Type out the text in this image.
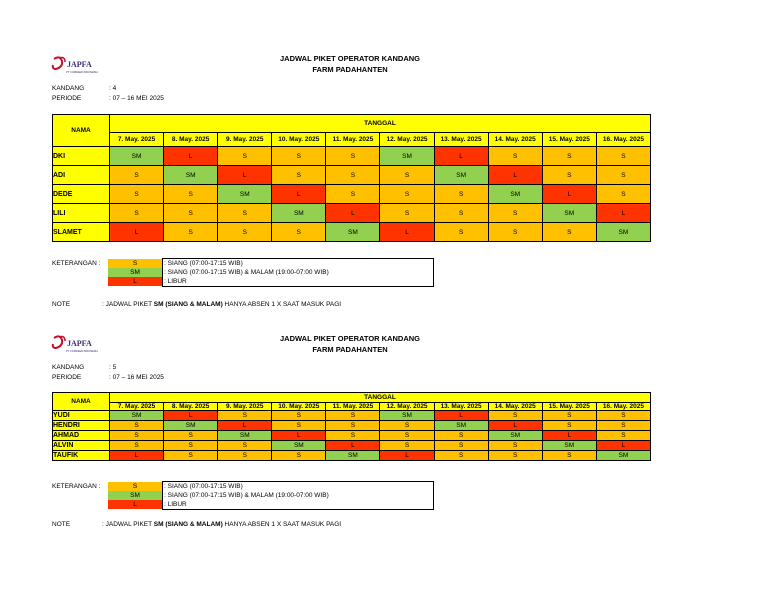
JAPFA
PT COMFEED INDONESIA
JADWAL PIKET OPERATOR KANDANG
FARM PADAHANTEN
KANDANG	: 4
PERIODE	: 07 – 16 MEI 2025
NAMA	TANGGAL									
	7. May. 2025	8. May. 2025	9. May. 2025	10. May. 2025	11. May. 2025	12. May. 2025	13. May. 2025	14. May. 2025	15. May. 2025	16. May. 2025
DKI	SM	L	S	S	S	SM	L	S	S	S
ADI	S	SM	L	S	S	S	SM	L	S	S
DEDE	S	S	SM	L	S	S	S	SM	L	S
LILI	S	S	S	SM	L	S	S	S	SM	L
SLAMET	L	S	S	S	SM	L	S	S	S	SM
KETERANGAN :	S	: SIANG (07:00-17:15 WIB)
SM	: SIANG (07:00-17:15 WIB) & MALAM (19:00-07:00 WIB)
L	: LIBUR
NOTE	: JADWAL PIKET SM (SIANG & MALAM) HANYA ABSEN 1 X SAAT MASUK PAGI
JAPFA
PT COMFEED INDONESIA
JADWAL PIKET OPERATOR KANDANG
FARM PADAHANTEN
KANDANG	: 5
PERIODE	: 07 – 16 MEI 2025
NAMA	TANGGAL									
	7. May. 2025	8. May. 2025	9. May. 2025	10. May. 2025	11. May. 2025	12. May. 2025	13. May. 2025	14. May. 2025	15. May. 2025	16. May. 2025
YUDI	SM	L	S	S	S	SM	L	S	S	S
HENDRI	S	SM	L	S	S	S	SM	L	S	S
AHMAD	S	S	SM	L	S	S	S	SM	L	S
ALVIN	S	S	S	SM	L	S	S	S	SM	L
TAUFIK	L	S	S	S	SM	L	S	S	S	SM
KETERANGAN :	S	: SIANG (07:00-17:15 WIB)
SM	: SIANG (07:00-17:15 WIB) & MALAM (19:00-07:00 WIB)
L	: LIBUR
NOTE	: JADWAL PIKET SM (SIANG & MALAM) HANYA ABSEN 1 X SAAT MASUK PAGI
